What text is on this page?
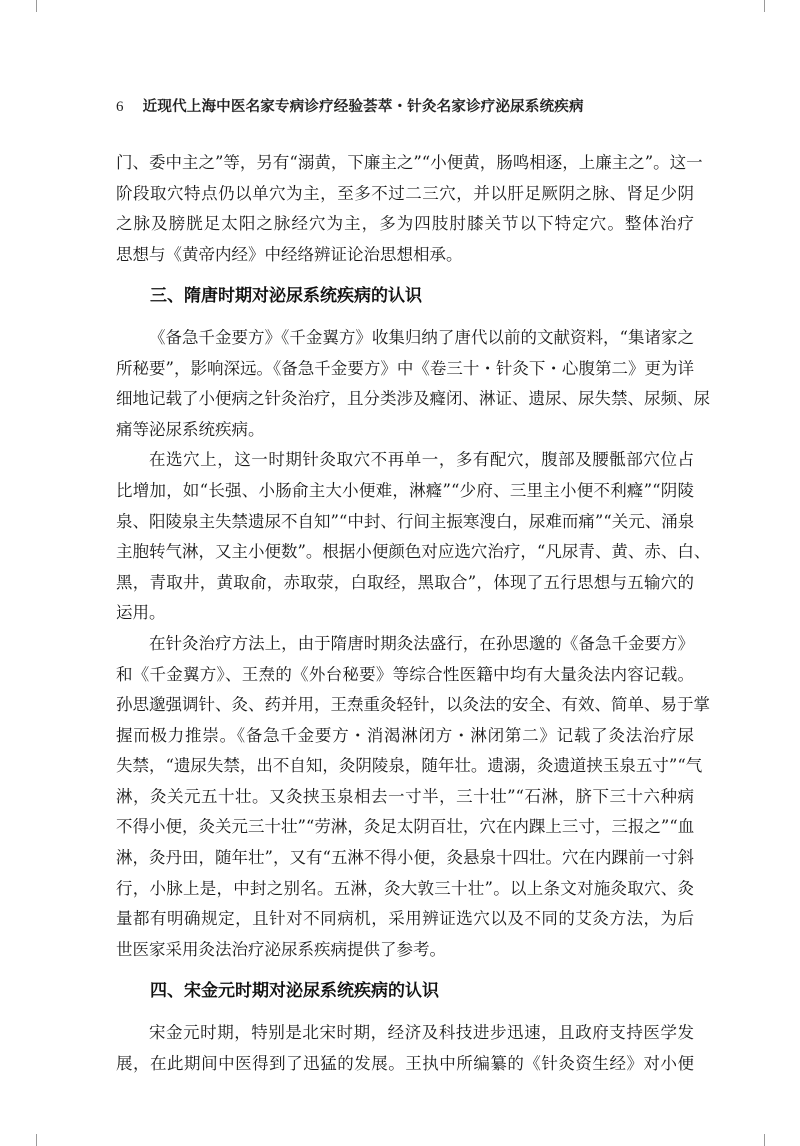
6 近现代上海中医名家专病诊疗经验荟萃・针灸名家诊疗泌尿系统疾病
门、委中主之”等，另有“溺黄，下廉主之”“小便黄，肠鸣相逐，上廉主之”。这一
阶段取穴特点仍以单穴为主，至多不过二三穴，并以肝足厥阴之脉、肾足少阴
之脉及膀胱足太阳之脉经穴为主，多为四肢肘膝关节以下特定穴。整体治疗
思想与《黄帝内经》中经络辨证论治思想相承。
三、隋唐时期对泌尿系统疾病的认识
《备急千金要方》《千金翼方》收集归纳了唐代以前的文献资料，“集诸家之
所秘要”，影响深远。《备急千金要方》中《卷三十・针灸下・心腹第二》更为详
细地记载了小便病之针灸治疗，且分类涉及癃闭、淋证、遗尿、尿失禁、尿频、尿
痛等泌尿系统疾病。
在选穴上，这一时期针灸取穴不再单一，多有配穴，腹部及腰骶部穴位占
比增加，如“长强、小肠俞主大小便难，淋癃”“少府、三里主小便不利癃”“阴陵
泉、阳陵泉主失禁遗尿不自知”“中封、行间主振寒溲白，尿难而痛”“关元、涌泉
主胞转气淋，又主小便数”。根据小便颜色对应选穴治疗，“凡尿青、黄、赤、白、
黑，青取井，黄取俞，赤取荥，白取经，黑取合”，体现了五行思想与五输穴的
运用。
在针灸治疗方法上，由于隋唐时期灸法盛行，在孙思邈的《备急千金要方》
和《千金翼方》、王焘的《外台秘要》等综合性医籍中均有大量灸法内容记载。
孙思邈强调针、灸、药并用，王焘重灸轻针，以灸法的安全、有效、简单、易于掌
握而极力推崇。《备急千金要方・消渴淋闭方・淋闭第二》记载了灸法治疗尿
失禁，“遗尿失禁，出不自知，灸阴陵泉，随年壮。遗溺，灸遗道挟玉泉五寸”“气
淋，灸关元五十壮。又灸挟玉泉相去一寸半，三十壮”“石淋，脐下三十六种病
不得小便，灸关元三十壮”“劳淋，灸足太阴百壮，穴在内踝上三寸，三报之”“血
淋，灸丹田，随年壮”，又有“五淋不得小便，灸悬泉十四壮。穴在内踝前一寸斜
行，小脉上是，中封之别名。五淋，灸大敦三十壮”。以上条文对施灸取穴、灸
量都有明确规定，且针对不同病机，采用辨证选穴以及不同的艾灸方法，为后
世医家采用灸法治疗泌尿系疾病提供了参考。
四、宋金元时期对泌尿系统疾病的认识
宋金元时期，特别是北宋时期，经济及科技进步迅速，且政府支持医学发
展，在此期间中医得到了迅猛的发展。王执中所编纂的《针灸资生经》对小便
